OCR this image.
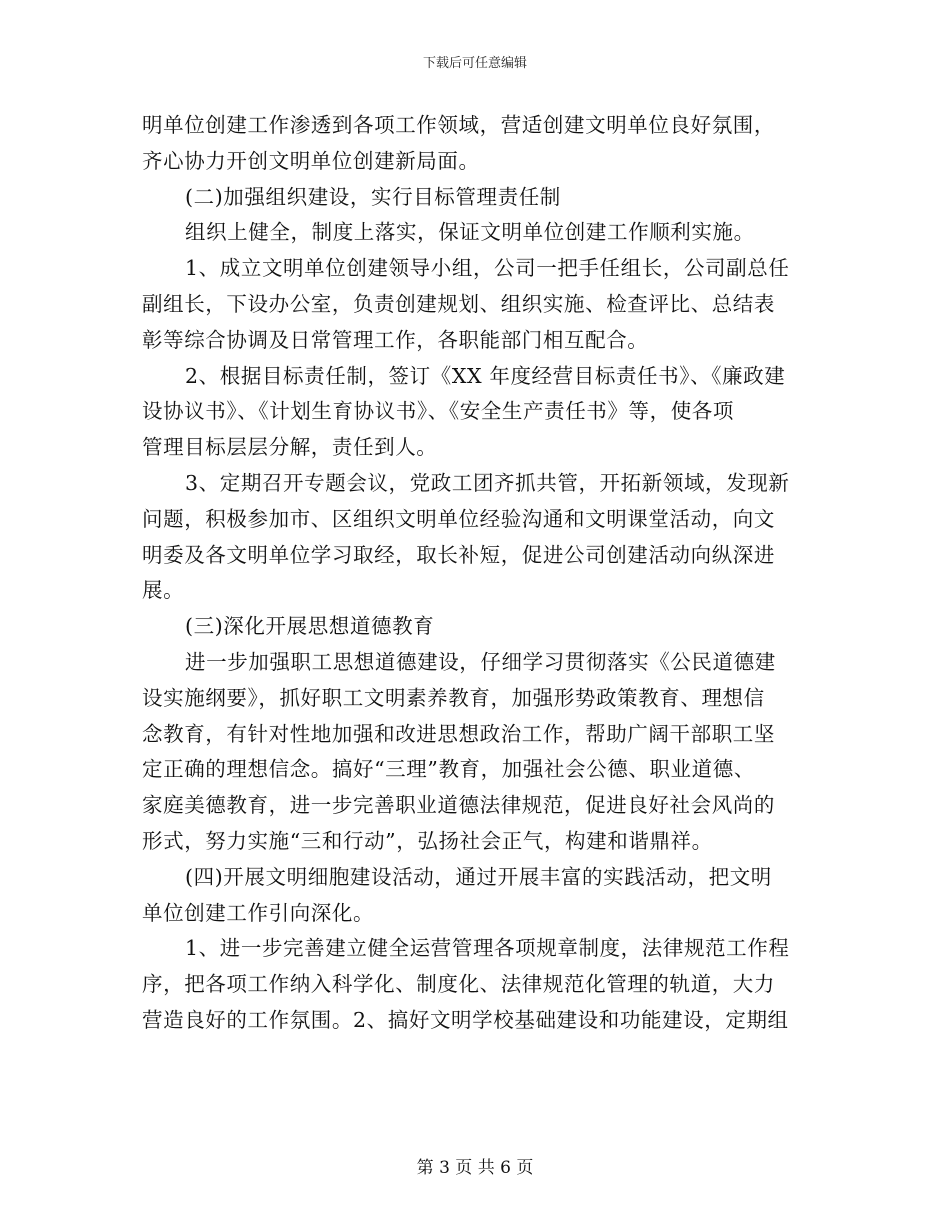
下载后可任意编辑
明单位创建工作渗透到各项工作领域，营适创建文明单位良好氛围，
齐心协力开创文明单位创建新局面。
(二)加强组织建设，实行目标管理责任制
组织上健全，制度上落实，保证文明单位创建工作顺利实施。
1、成立文明单位创建领导小组，公司一把手任组长，公司副总任
副组长，下设办公室，负责创建规划、组织实施、检查评比、总结表
彰等综合协调及日常管理工作，各职能部门相互配合。
2、根据目标责任制，签订《XX 年度经营目标责任书》、《廉政建
设协议书》、《计划生育协议书》、《安全生产责任书》等，使各项
管理目标层层分解，责任到人。
3、定期召开专题会议，党政工团齐抓共管，开拓新领域，发现新
问题，积极参加市、区组织文明单位经验沟通和文明课堂活动，向文
明委及各文明单位学习取经，取长补短，促进公司创建活动向纵深进
展。
(三)深化开展思想道德教育
进一步加强职工思想道德建设，仔细学习贯彻落实《公民道德建
设实施纲要》，抓好职工文明素养教育，加强形势政策教育、理想信
念教育，有针对性地加强和改进思想政治工作，帮助广阔干部职工坚
定正确的理想信念。搞好“三理”教育，加强社会公德、职业道德、
家庭美德教育，进一步完善职业道德法律规范，促进良好社会风尚的
形式，努力实施“三和行动”，弘扬社会正气，构建和谐鼎祥。
(四)开展文明细胞建设活动，通过开展丰富的实践活动，把文明
单位创建工作引向深化。
1、进一步完善建立健全运营管理各项规章制度，法律规范工作程
序，把各项工作纳入科学化、制度化、法律规范化管理的轨道，大力
营造良好的工作氛围。2、搞好文明学校基础建设和功能建设，定期组
第 3 页 共 6 页
